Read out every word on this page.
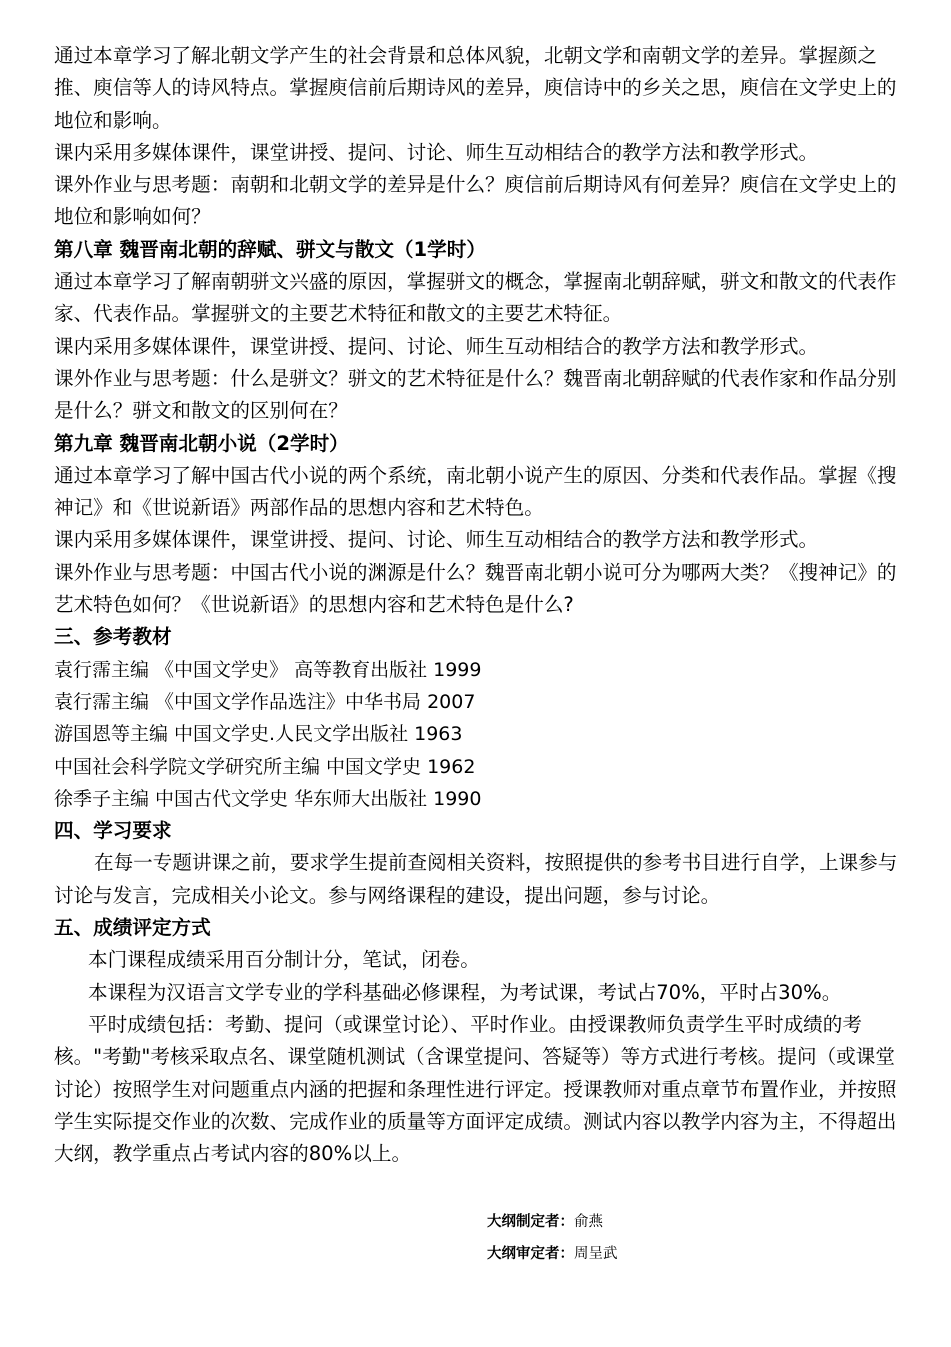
通过本章学习了解北朝文学产生的社会背景和总体风貌，北朝文学和南朝文学的差异。掌握颜之推、庾信等人的诗风特点。掌握庾信前后期诗风的差异，庾信诗中的乡关之思，庾信在文学史上的地位和影响。

课内采用多媒体课件，课堂讲授、提问、讨论、师生互动相结合的教学方法和教学形式。

课外作业与思考题：南朝和北朝文学的差异是什么？庾信前后期诗风有何差异？庾信在文学史上的地位和影响如何？

第八章 魏晋南北朝的辞赋、骈文与散文（1学时）

通过本章学习了解南朝骈文兴盛的原因，掌握骈文的概念，掌握南北朝辞赋，骈文和散文的代表作家、代表作品。掌握骈文的主要艺术特征和散文的主要艺术特征。

课内采用多媒体课件，课堂讲授、提问、讨论、师生互动相结合的教学方法和教学形式。

课外作业与思考题：什么是骈文？骈文的艺术特征是什么？魏晋南北朝辞赋的代表作家和作品分别是什么？骈文和散文的区别何在？

第九章 魏晋南北朝小说（2学时）

通过本章学习了解中国古代小说的两个系统，南北朝小说产生的原因、分类和代表作品。掌握《搜神记》和《世说新语》两部作品的思想内容和艺术特色。

课内采用多媒体课件，课堂讲授、提问、讨论、师生互动相结合的教学方法和教学形式。

课外作业与思考题：中国古代小说的渊源是什么？魏晋南北朝小说可分为哪两大类？《搜神记》的艺术特色如何？《世说新语》的思想内容和艺术特色是什么?

三、参考教材

袁行霈主编 《中国文学史》 高等教育出版社 1999

袁行霈主编 《中国文学作品选注》中华书局 2007

游国恩等主编 中国文学史.人民文学出版社 1963

中国社会科学院文学研究所主编 中国文学史 1962

徐季子主编 中国古代文学史 华东师大出版社 1990

四、学习要求

在每一专题讲课之前，要求学生提前查阅相关资料，按照提供的参考书目进行自学，上课参与讨论与发言，完成相关小论文。参与网络课程的建设，提出问题，参与讨论。

五、成绩评定方式

本门课程成绩采用百分制计分，笔试，闭卷。

本课程为汉语言文学专业的学科基础必修课程，为考试课，考试占70%，平时占30%。

平时成绩包括：考勤、提问（或课堂讨论）、平时作业。由授课教师负责学生平时成绩的考核。"考勤"考核采取点名、课堂随机测试（含课堂提问、答疑等）等方式进行考核。提问（或课堂讨论）按照学生对问题重点内涵的把握和条理性进行评定。授课教师对重点章节布置作业，并按照学生实际提交作业的次数、完成作业的质量等方面评定成绩。测试内容以教学内容为主，不得超出大纲，教学重点占考试内容的80%以上。

大纲制定者：俞燕
大纲审定者：周呈武
